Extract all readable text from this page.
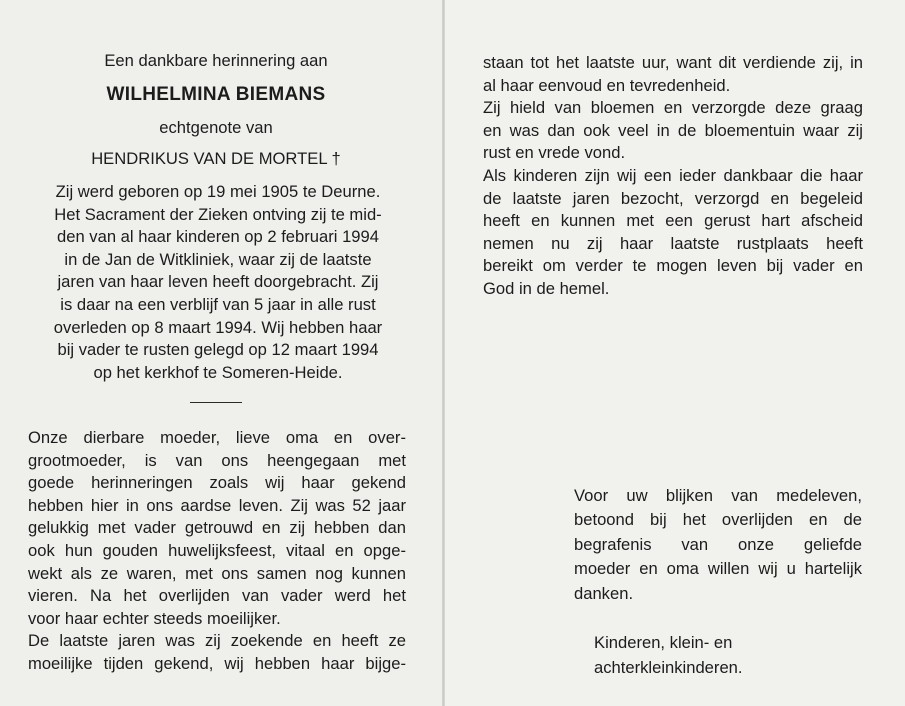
Een dankbare herinnering aan
WILHELMINA BIEMANS
echtgenote van
HENDRIKUS VAN DE MORTEL †
Zij werd geboren op 19 mei 1905 te Deurne.
Het Sacrament der Zieken ontving zij te mid-
den van al haar kinderen op 2 februari 1994
in de Jan de Witkliniek, waar zij de laatste
jaren van haar leven heeft doorgebracht. Zij
is daar na een verblijf van 5 jaar in alle rust
overleden op 8 maart 1994. Wij hebben haar
bij vader te rusten gelegd op 12 maart 1994
op het kerkhof te Someren-Heide.
Onze dierbare moeder, lieve oma en over-
grootmoeder, is van ons heengegaan met
goede herinneringen zoals wij haar gekend
hebben hier in ons aardse leven. Zij was 52 jaar
gelukkig met vader getrouwd en zij hebben dan
ook hun gouden huwelijksfeest, vitaal en opge-
wekt als ze waren, met ons samen nog kunnen
vieren. Na het overlijden van vader werd het
voor haar echter steeds moeilijker.
De laatste jaren was zij zoekende en heeft ze
moeilijke tijden gekend, wij hebben haar bijge-
staan tot het laatste uur, want dit verdiende zij, in
al haar eenvoud en tevredenheid.
Zij hield van bloemen en verzorgde deze graag
en was dan ook veel in de bloementuin waar zij
rust en vrede vond.
Als kinderen zijn wij een ieder dankbaar die haar
de laatste jaren bezocht, verzorgd en begeleid
heeft en kunnen met een gerust hart afscheid
nemen nu zij haar laatste rustplaats heeft
bereikt om verder te mogen leven bij vader en
God in de hemel.
Voor uw blijken van medeleven,
betoond bij het overlijden en de
begrafenis van onze geliefde
moeder en oma willen wij u hartelijk
danken.
Kinderen, klein- en
achterkleinkinderen.
